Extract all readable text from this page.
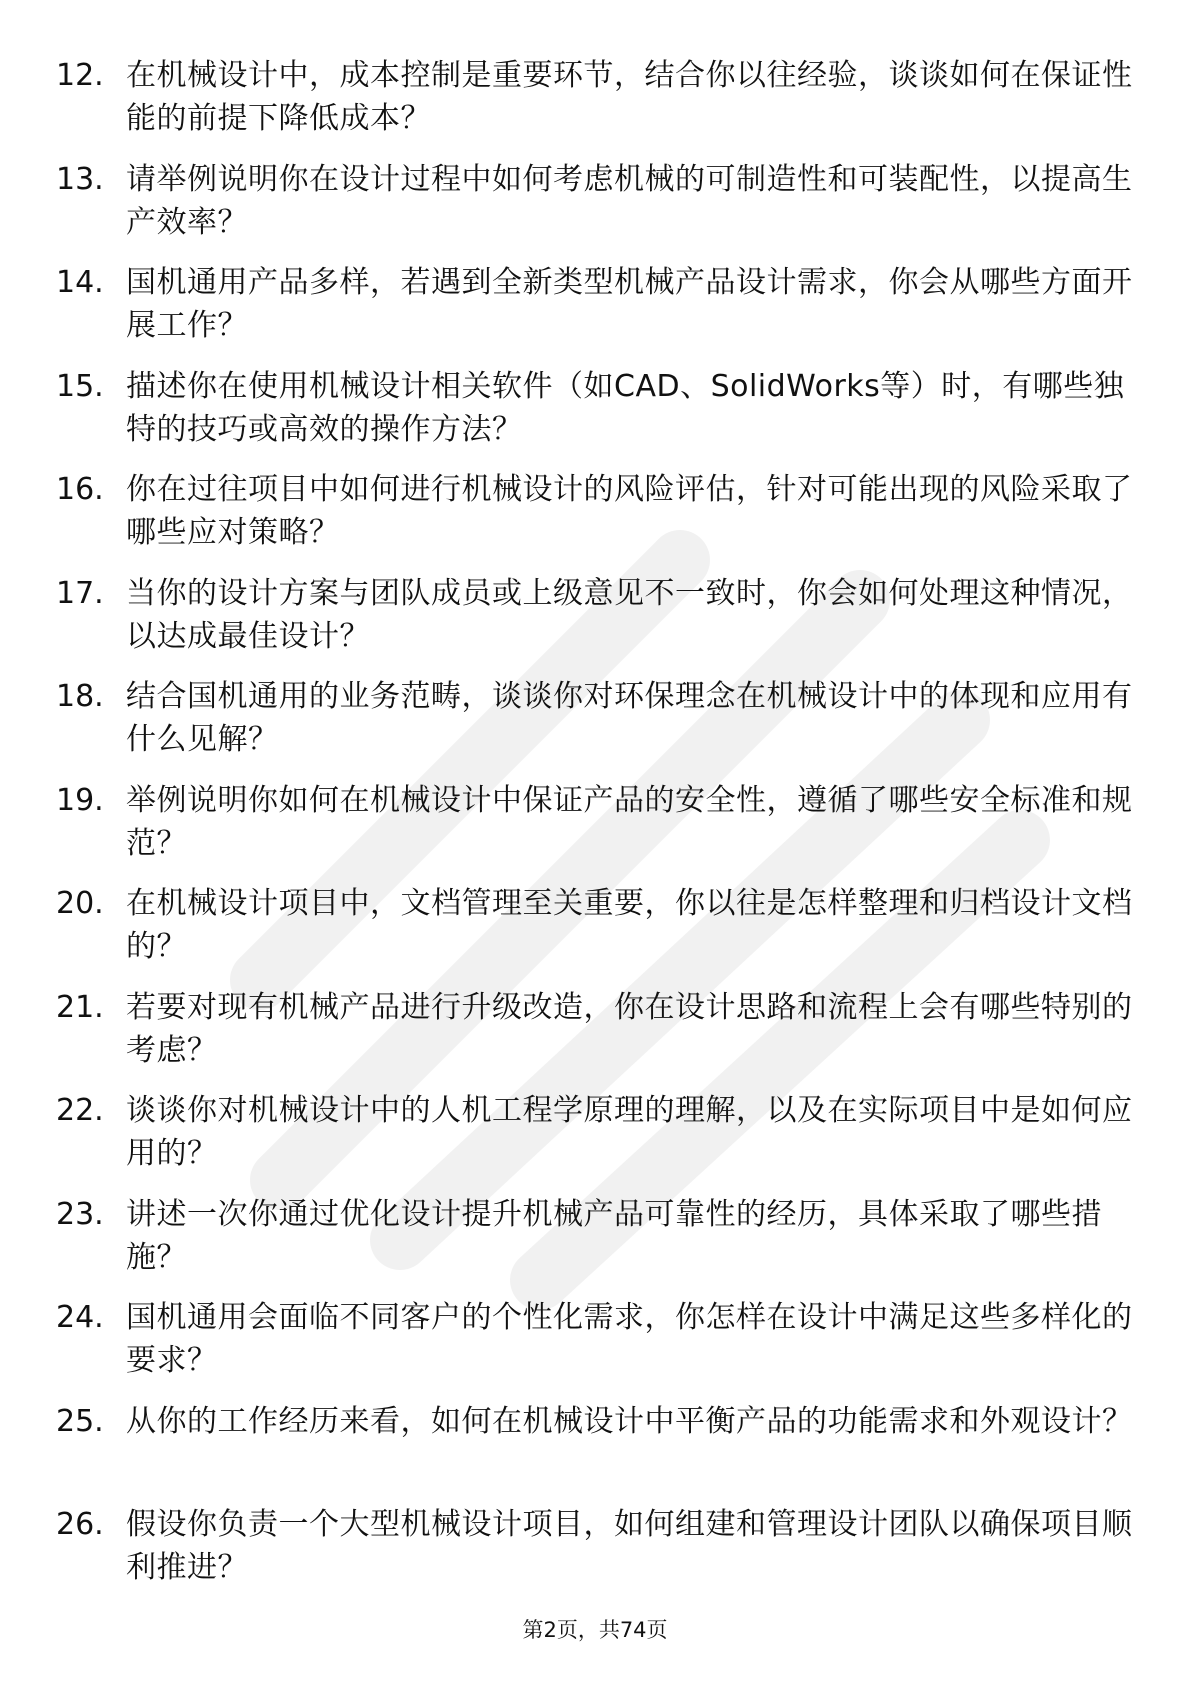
12. 在机械设计中，成本控制是重要环节，结合你以往经验，谈谈如何在保证性能的前提下降低成本？
13. 请举例说明你在设计过程中如何考虑机械的可制造性和可装配性，以提高生产效率？
14. 国机通用产品多样，若遇到全新类型机械产品设计需求，你会从哪些方面开展工作？
15. 描述你在使用机械设计相关软件（如CAD、SolidWorks等）时，有哪些独特的技巧或高效的操作方法？
16. 你在过往项目中如何进行机械设计的风险评估，针对可能出现的风险采取了哪些应对策略？
17. 当你的设计方案与团队成员或上级意见不一致时，你会如何处理这种情况，以达成最佳设计？
18. 结合国机通用的业务范畴，谈谈你对环保理念在机械设计中的体现和应用有什么见解？
19. 举例说明你如何在机械设计中保证产品的安全性，遵循了哪些安全标准和规范？
20. 在机械设计项目中，文档管理至关重要，你以往是怎样整理和归档设计文档的？
21. 若要对现有机械产品进行升级改造，你在设计思路和流程上会有哪些特别的考虑？
22. 谈谈你对机械设计中的人机工程学原理的理解，以及在实际项目中是如何应用的？
23. 讲述一次你通过优化设计提升机械产品可靠性的经历，具体采取了哪些措施？
24. 国机通用会面临不同客户的个性化需求，你怎样在设计中满足这些多样化的要求？
25. 从你的工作经历来看，如何在机械设计中平衡产品的功能需求和外观设计？
26. 假设你负责一个大型机械设计项目，如何组建和管理设计团队以确保项目顺利推进？
第2页，共74页
